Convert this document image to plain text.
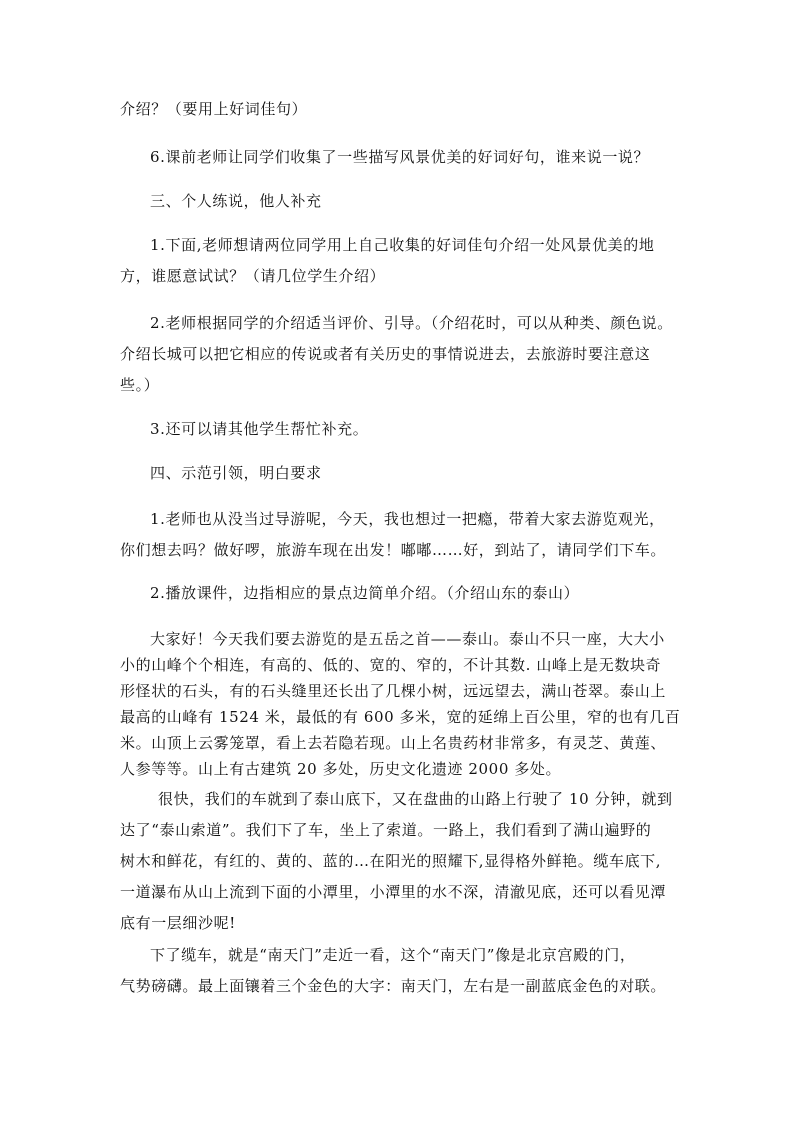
介绍？（要用上好词佳句）

6.课前老师让同学们收集了一些描写风景优美的好词好句，谁来说一说？

三、个人练说，他人补充

1.下面,老师想请两位同学用上自己收集的好词佳句介绍一处风景优美的地
方，谁愿意试试？（请几位学生介绍）

2.老师根据同学的介绍适当评价、引导。（介绍花时，可以从种类、颜色说。
介绍长城可以把它相应的传说或者有关历史的事情说进去，去旅游时要注意这
些。）

3.还可以请其他学生帮忙补充。

四、示范引领，明白要求

1.老师也从没当过导游呢，今天，我也想过一把瘾，带着大家去游览观光，
你们想去吗？做好啰，旅游车现在出发！嘟嘟……好，到站了，请同学们下车。

2.播放课件，边指相应的景点边简单介绍。（介绍山东的泰山）

大家好！今天我们要去游览的是五岳之首——泰山。泰山不只一座，大大小
小的山峰个个相连，有高的、低的、宽的、窄的，不计其数. 山峰上是无数块奇
形怪状的石头，有的石头缝里还长出了几棵小树，远远望去，满山苍翠。泰山上
最高的山峰有 1524 米，最低的有 600 多米，宽的延绵上百公里，窄的也有几百
米。山顶上云雾笼罩，看上去若隐若现。山上名贵药材非常多，有灵芝、黄莲、
人参等等。山上有古建筑 20 多处，历史文化遗迹 2000 多处。

很快，我们的车就到了泰山底下，又在盘曲的山路上行驶了 10 分钟，就到
达了“泰山索道”。我们下了车，坐上了索道。一路上，我们看到了满山遍野的
树木和鲜花，有红的、黄的、蓝的…在阳光的照耀下,显得格外鲜艳。缆车底下,
一道瀑布从山上流到下面的小潭里，小潭里的水不深，清澈见底，还可以看见潭
底有一层细沙呢!

下了缆车，就是“南天门”走近一看，这个“南天门”像是北京宫殿的门，
气势磅礴。最上面镶着三个金色的大字：南天门，左右是一副蓝底金色的对联。
